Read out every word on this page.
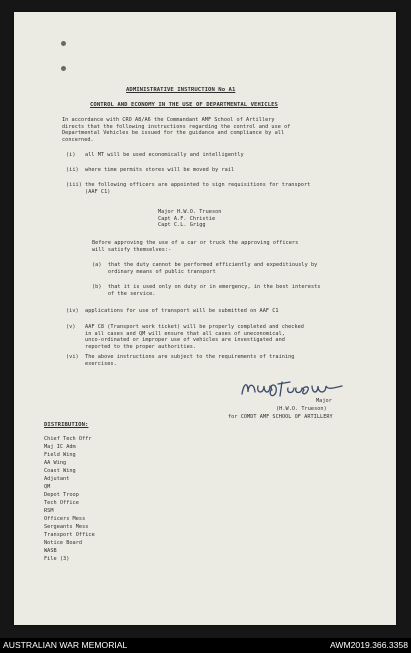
ADMINISTRATIVE INSTRUCTION No A1
CONTROL AND ECONOMY IN THE USE OF DEPARTMENTAL VEHICLES
In accordance with CRO A8/A6 the Commandant AMF School of Artillery
directs that the following instructions regarding the control and use of
Departmental Vehicles be issued for the guidance and compliance by all
concerned.
(i)   all MT will be used economically and intelligently
(ii)  where time permits stores will be moved by rail
(iii) the following officers are appointed to sign requisitions for transport
(AAF C1)
Major H.W.O. Trueson
Capt A.F. Christie
Capt C.L. Grigg
Before approving the use of a car or truck the approving officers
will satisfy themselves:-
(a)  that the duty cannot be performed efficiently and expeditiously by
ordinary means of public transport
(b)  that it is used only on duty or in emergency, in the best interests
of the service.
(iv)  applications for use of transport will be submitted on AAF C1
(v)   AAF C8 (Transport work ticket) will be properly completed and checked
in all cases and QM will ensure that all cases of uneconomical,
unco-ordinated or improper use of vehicles are investigated and
reported to the proper authorities.
(vi)  The above instructions are subject to the requirements of training
exercises.
Major
(H.W.O. Trueson)
for COMDT AMF SCHOOL OF ARTILLERY
DISTRIBUTION:
Chief Tech Offr
Maj IC Adm
Field Wing
AA Wing
Coast Wing
Adjutant
QM
Depot Troop
Tech Office
RSM
Officers Mess
Sergeants Mess
Transport Office
Notice Board
WASB
File (3)
AUSTRALIAN WAR MEMORIAL	AWM2019.366.3358
